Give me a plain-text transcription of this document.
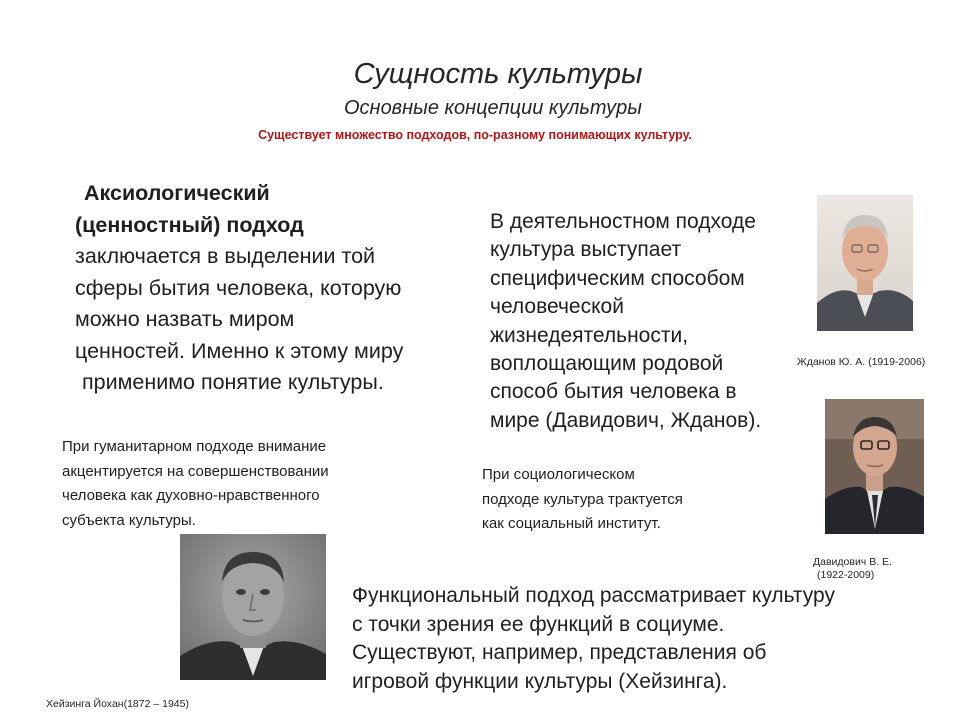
Сущность культуры
Основные концепции культуры
Существует множество подходов, по-разному понимающих культуру.
Аксиологический
(ценностный) подход
заключается в выделении той
сферы бытия человека, которую
можно назвать миром
ценностей. Именно к этому миру
применимо понятие культуры.
В деятельностном подходе
культура выступает
специфическим способом
человеческой
жизнедеятельности,
воплощающим родовой
способ бытия человека в
мире (Давидович, Жданов).
При гуманитарном подходе внимание
акцентируется на совершенствовании
человека как духовно-нравственного
субъекта культуры.
При социологическом
подходе культура трактуется
как социальный институт.
Функциональный подход рассматривает культуру
с точки зрения ее функций в социуме.
Существуют, например, представления об
игровой функции культуры (Хейзинга).
Жданов Ю. А. (1919-2006)
Давидович В. Е.
(1922-2009)
Хейзинга Йохан(1872 – 1945)
